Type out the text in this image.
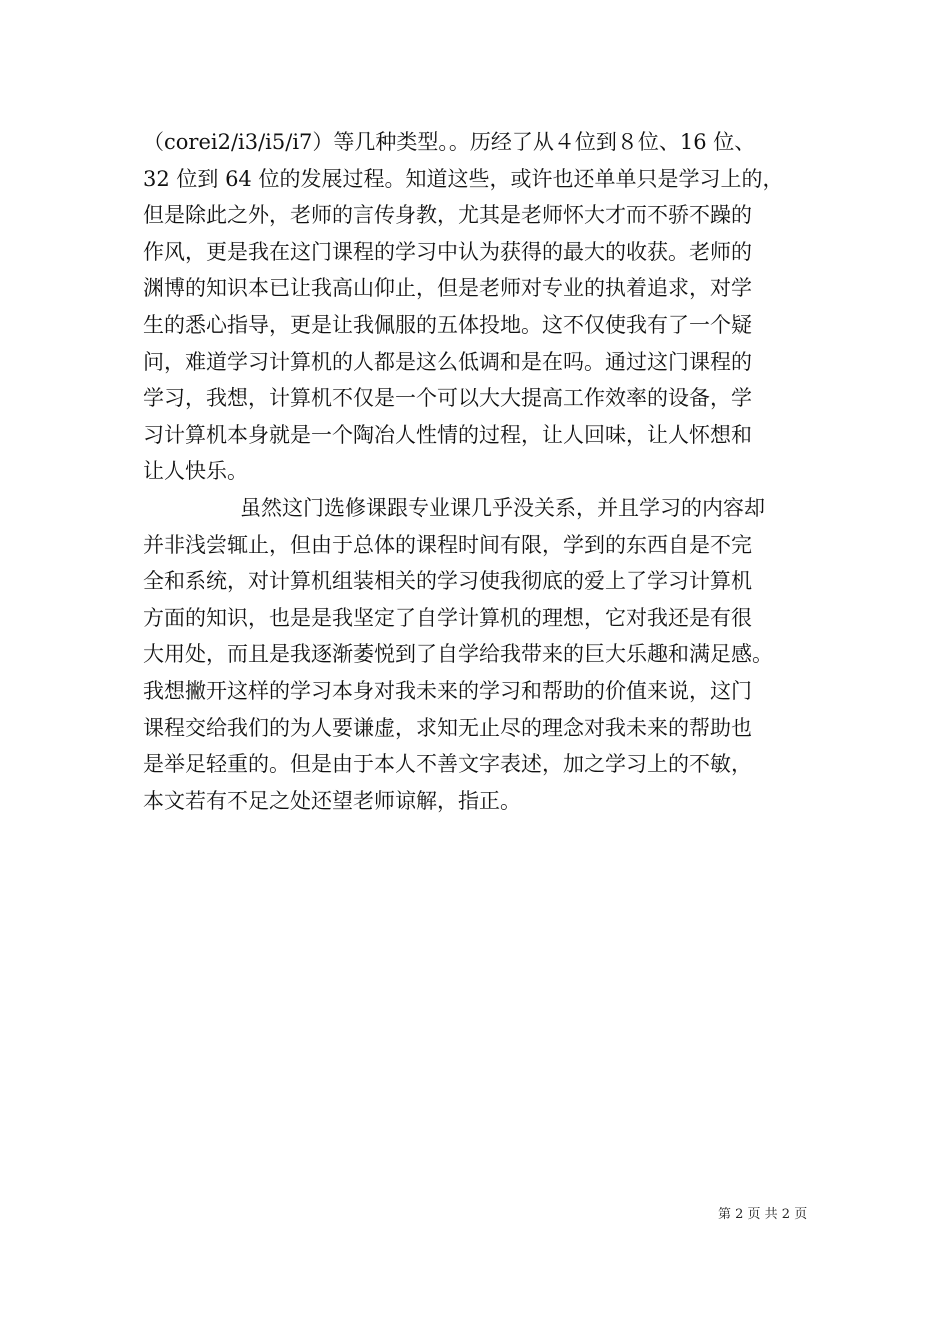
（corei2/i3/i5/i7）等几种类型。。历经了从４位到８位、16 位、
32 位到 64 位的发展过程。知道这些，或许也还单单只是学习上的，
但是除此之外，老师的言传身教，尤其是老师怀大才而不骄不躁的
作风，更是我在这门课程的学习中认为获得的最大的收获。老师的
渊博的知识本已让我高山仰止，但是老师对专业的执着追求，对学
生的悉心指导，更是让我佩服的五体投地。这不仅使我有了一个疑
问，难道学习计算机的人都是这么低调和是在吗。通过这门课程的
学习，我想，计算机不仅是一个可以大大提高工作效率的设备，学
习计算机本身就是一个陶冶人性情的过程，让人回味，让人怀想和
让人快乐。
虽然这门选修课跟专业课几乎没关系，并且学习的内容却
并非浅尝辄止，但由于总体的课程时间有限，学到的东西自是不完
全和系统，对计算机组装相关的学习使我彻底的爱上了学习计算机
方面的知识，也是是我坚定了自学计算机的理想，它对我还是有很
大用处，而且是我逐渐萎悦到了自学给我带来的巨大乐趣和满足感。
我想撇开这样的学习本身对我未来的学习和帮助的价值来说，这门
课程交给我们的为人要谦虚，求知无止尽的理念对我未来的帮助也
是举足轻重的。但是由于本人不善文字表述，加之学习上的不敏，
本文若有不足之处还望老师谅解，指正。
第 2 页 共 2 页
